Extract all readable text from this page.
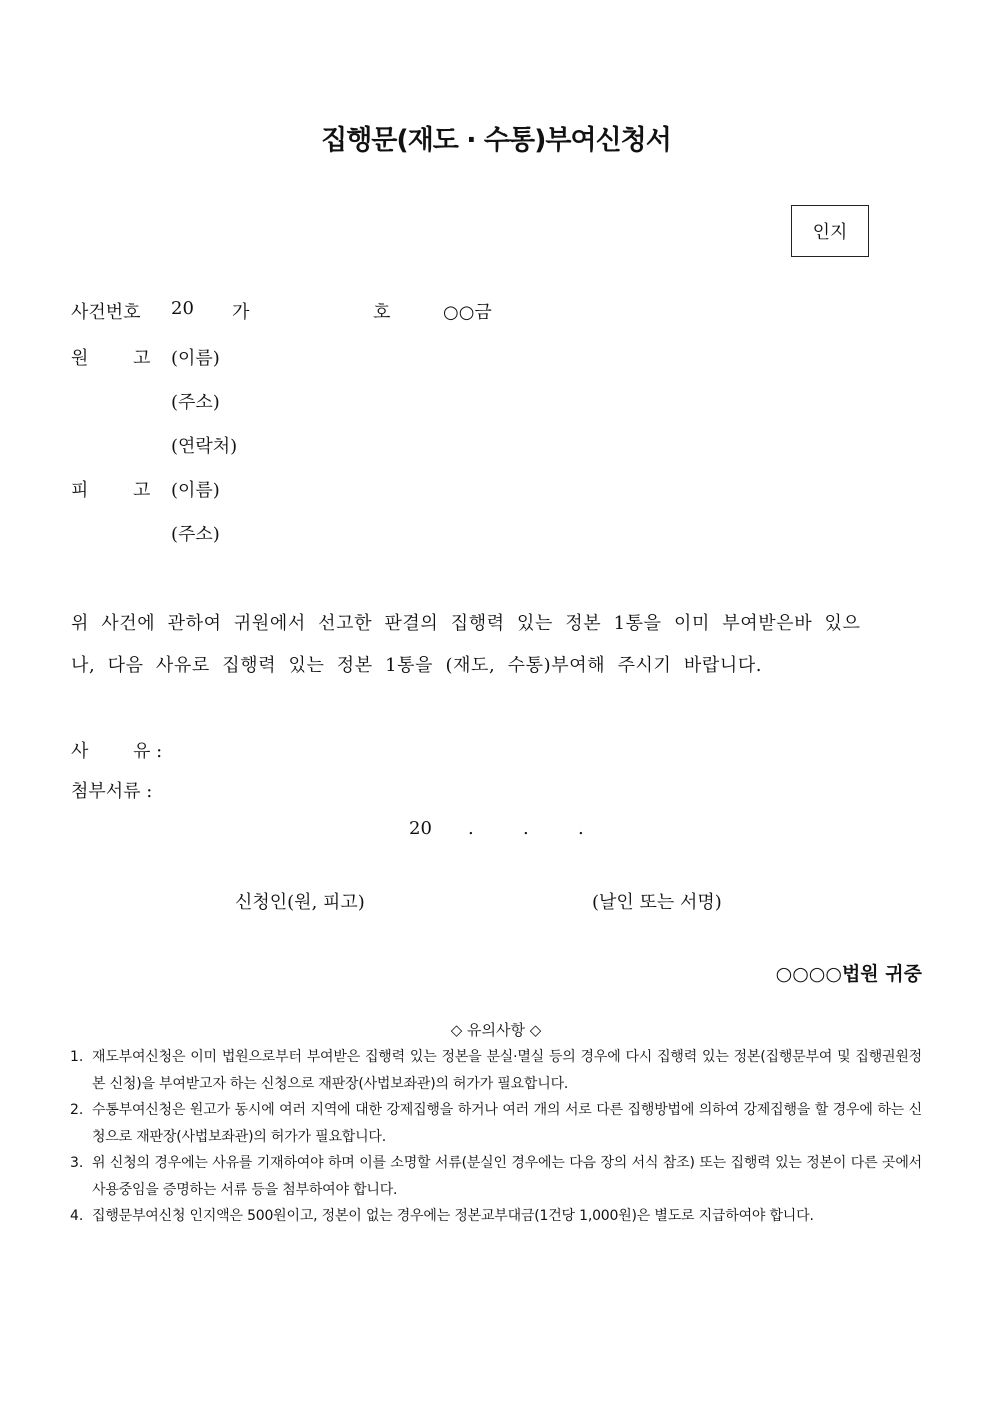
집행문(재도 · 수통)부여신청서
인지
사건번호 20 가	호	○○금
원 고 (이름)
(주소)
(연락처)
피 고 (이름)
(주소)
위 사건에 관하여 귀원에서 선고한 판결의 집행력 있는 정본 1통을 이미 부여받은바 있으
나, 다음 사유로 집행력 있는 정본 1통을 (재도, 수통)부여해 주시기 바랍니다.
사 유 :
첨부서류 :
20 .	.	.
신청인(원, 피고)	(날인 또는 서명)
○○○○법원 귀중
◇ 유의사항 ◇
1. 재도부여신청은 이미 법원으로부터 부여받은 집행력 있는 정본을 분실·멸실 등의 경우에 다시 집행력 있는 정본(집행문부여 및 집행권원정본 신청)을 부여받고자 하는 신청으로 재판장(사법보좌관)의 허가가 필요합니다.
2. 수통부여신청은 원고가 동시에 여러 지역에 대한 강제집행을 하거나 여러 개의 서로 다른 집행방법에 의하여 강제집행을 할 경우에 하는 신청으로 재판장(사법보좌관)의 허가가 필요합니다.
3. 위 신청의 경우에는 사유를 기재하여야 하며 이를 소명할 서류(분실인 경우에는 다음 장의 서식 참조) 또는 집행력 있는 정본이 다른 곳에서 사용중임을 증명하는 서류 등을 첨부하여야 합니다.
4. 집행문부여신청 인지액은 500원이고, 정본이 없는 경우에는 정본교부대금(1건당 1,000원)은 별도로 지급하여야 합니다.
